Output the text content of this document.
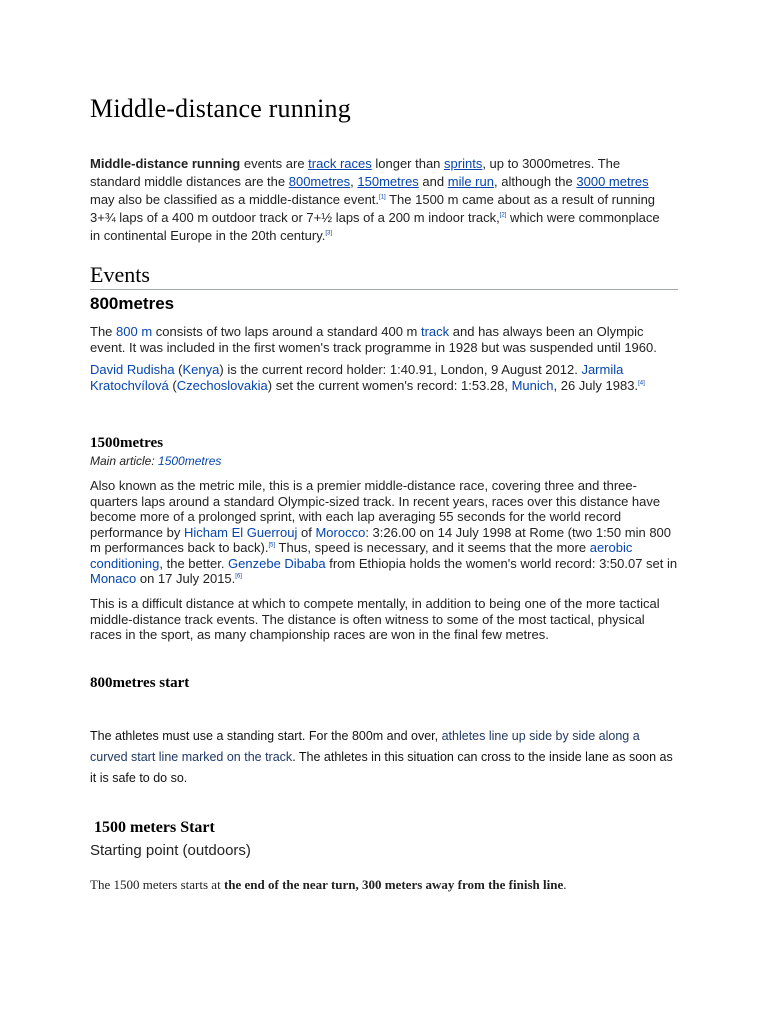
Middle-distance running
Middle-distance running events are track races longer than sprints, up to 3000metres. The standard middle distances are the 800metres, 150metres and mile run, although the 3000 metres may also be classified as a middle-distance event.[1] The 1500 m came about as a result of running 3+¾ laps of a 400 m outdoor track or 7+½ laps of a 200 m indoor track,[2] which were commonplace in continental Europe in the 20th century.[3]
Events
800metres
The 800 m consists of two laps around a standard 400 m track and has always been an Olympic event. It was included in the first women's track programme in 1928 but was suspended until 1960.
David Rudisha (Kenya) is the current record holder: 1:40.91, London, 9 August 2012. Jarmila Kratochvílová (Czechoslovakia) set the current women's record: 1:53.28, Munich, 26 July 1983.[4]
1500metres
Main article: 1500metres
Also known as the metric mile, this is a premier middle-distance race, covering three and three-quarters laps around a standard Olympic-sized track. In recent years, races over this distance have become more of a prolonged sprint, with each lap averaging 55 seconds for the world record performance by Hicham El Guerrouj of Morocco: 3:26.00 on 14 July 1998 at Rome (two 1:50 min 800 m performances back to back).[5] Thus, speed is necessary, and it seems that the more aerobic conditioning, the better. Genzebe Dibaba from Ethiopia holds the women's world record: 3:50.07 set in Monaco on 17 July 2015.[6]
This is a difficult distance at which to compete mentally, in addition to being one of the more tactical middle-distance track events. The distance is often witness to some of the most tactical, physical races in the sport, as many championship races are won in the final few metres.
800metres start
The athletes must use a standing start. For the 800m and over, athletes line up side by side along a curved start line marked on the track. The athletes in this situation can cross to the inside lane as soon as it is safe to do so.
1500 meters Start
Starting point (outdoors)
The 1500 meters starts at the end of the near turn, 300 meters away from the finish line.
